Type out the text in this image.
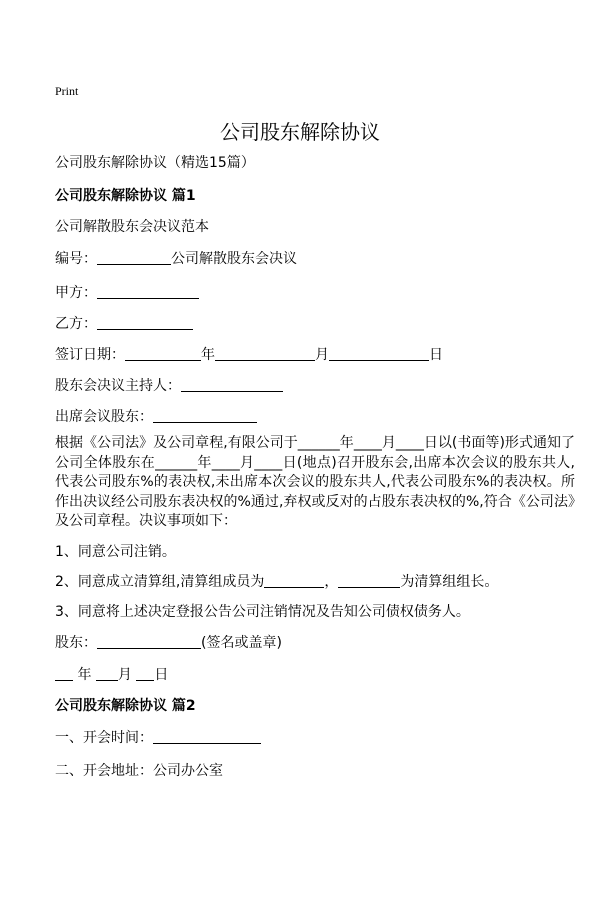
Print
公司股东解除协议
公司股东解除协议（精选15篇）
公司股东解除协议 篇1
公司解散股东会决议范本
编号：	公司解散股东会决议
甲方：
乙方：
签订日期：	年	月	日
股东会决议主持人：
出席会议股东：
根据《公司法》及公司章程,有限公司于______年____月____日以(书面等)形式通知了公司全体股东在______年____月____日(地点)召开股东会,出席本次会议的股东共人,代表公司股东%的表决权,未出席本次会议的股东共人,代表公司股东%的表决权。所作出决议经公司股东表决权的%通过,弃权或反对的占股东表决权的%,符合《公司法》及公司章程。决议事项如下：
1、同意公司注销。
2、同意成立清算组,清算组成员为	，	为清算组组长。
3、同意将上述决定登报公告公司注销情况及告知公司债权债务人。
股东：	(签名或盖章)
年 月 日
公司股东解除协议 篇2
一、开会时间：
二、开会地址：公司办公室
